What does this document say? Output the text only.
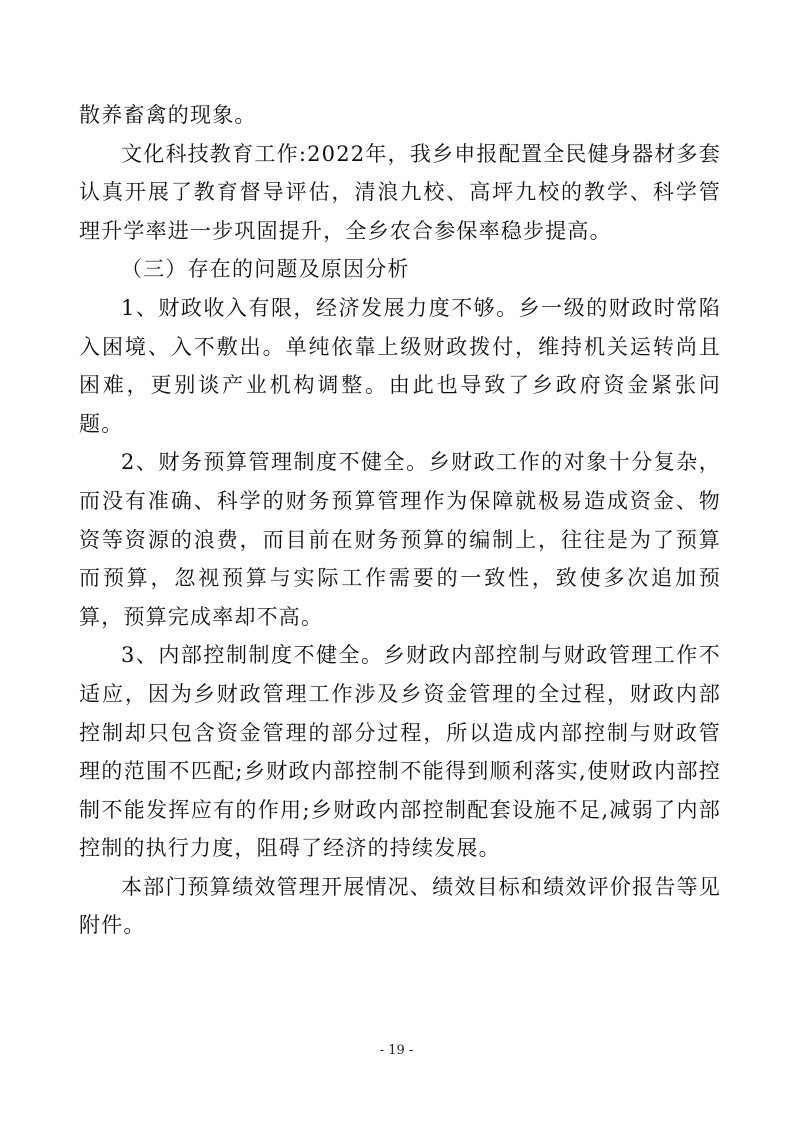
散养畜禽的现象。

文化科技教育工作:2022年，我乡申报配置全民健身器材多套认真开展了教育督导评估，清浪九校、高坪九校的教学、科学管理升学率进一步巩固提升，全乡农合参保率稳步提高。

（三）存在的问题及原因分析

1、财政收入有限，经济发展力度不够。乡一级的财政时常陷入困境、入不敷出。单纯依靠上级财政拨付，维持机关运转尚且困难，更别谈产业机构调整。由此也导致了乡政府资金紧张问题。

2、财务预算管理制度不健全。乡财政工作的对象十分复杂，而没有准确、科学的财务预算管理作为保障就极易造成资金、物资等资源的浪费，而目前在财务预算的编制上，往往是为了预算而预算，忽视预算与实际工作需要的一致性，致使多次追加预算，预算完成率却不高。

3、内部控制制度不健全。乡财政内部控制与财政管理工作不适应，因为乡财政管理工作涉及乡资金管理的全过程，财政内部控制却只包含资金管理的部分过程，所以造成内部控制与财政管理的范围不匹配;乡财政内部控制不能得到顺利落实,使财政内部控制不能发挥应有的作用;乡财政内部控制配套设施不足,减弱了内部控制的执行力度，阻碍了经济的持续发展。

本部门预算绩效管理开展情况、绩效目标和绩效评价报告等见附件。

- 19 -
